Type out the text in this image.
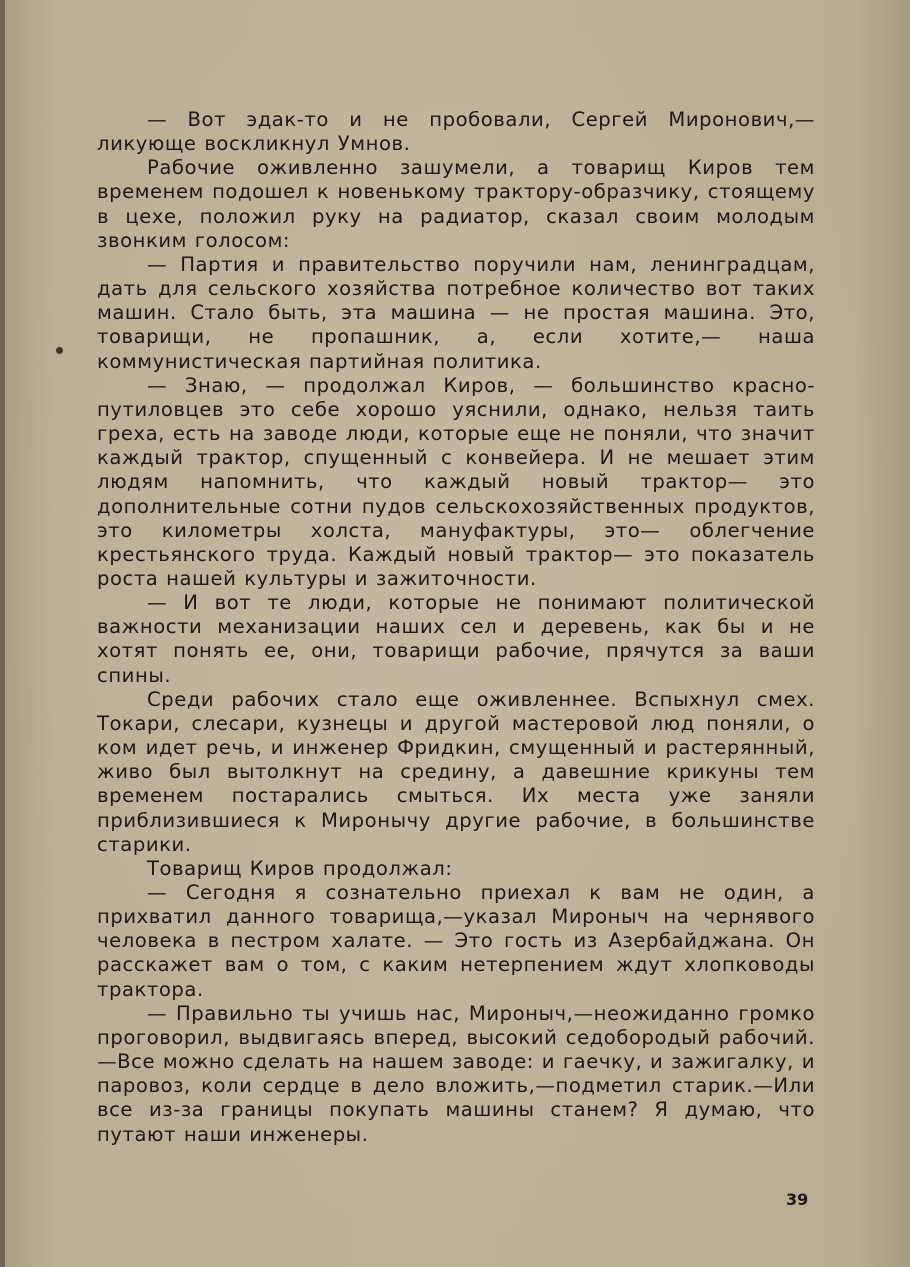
— Вот эдак-то и не пробовали, Сергей Миронович,— ликующе воскликнул Умнов.

Рабочие оживленно зашумели, а товарищ Киров тем временем подошел к новенькому трактору-образчику, стоящему в цехе, положил руку на радиатор, сказал своим молодым звонким голосом:

— Партия и правительство поручили нам, ленинградцам, дать для сельского хозяйства потребное количество вот таких машин. Стало быть, эта машина — не простая машина. Это, товарищи, не пропашник, а, если хотите,— наша коммунистическая партийная политика.

— Знаю, — продолжал Киров, — большинство красно-путиловцев это себе хорошо уяснили, однако, нельзя таить греха, есть на заводе люди, которые еще не поняли, что значит каждый трактор, спущенный с конвейера. И не мешает этим людям напомнить, что каждый новый трактор— это дополнительные сотни пудов сельскохозяйственных продуктов, это километры холста, мануфактуры, это— облегчение крестьянского труда. Каждый новый трактор— это показатель роста нашей культуры и зажиточности.

— И вот те люди, которые не понимают политической важности механизации наших сел и деревень, как бы и не хотят понять ее, они, товарищи рабочие, прячутся за ваши спины.

Среди рабочих стало еще оживленнее. Вспыхнул смех. Токари, слесари, кузнецы и другой мастеровой люд поняли, о ком идет речь, и инженер Фридкин, смущенный и растерянный, живо был вытолкнут на средину, а давешние крикуны тем временем постарались смыться. Их места уже заняли приблизившиеся к Миронычу другие рабочие, в большинстве старики.

Товарищ Киров продолжал:

— Сегодня я сознательно приехал к вам не один, а прихватил данного товарища,—указал Мироныч на чернявого человека в пестром халате. — Это гость из Азербайджана. Он расскажет вам о том, с каким нетерпением ждут хлопководы трактора.

— Правильно ты учишь нас, Мироныч,—неожиданно громко проговорил, выдвигаясь вперед, высокий седобородый рабочий.—Все можно сделать на нашем заводе: и гаечку, и зажигалку, и паровоз, коли сердце в дело вложить,—подметил старик.—Или все из-за границы покупать машины станем? Я думаю, что путают наши инженеры.

39
